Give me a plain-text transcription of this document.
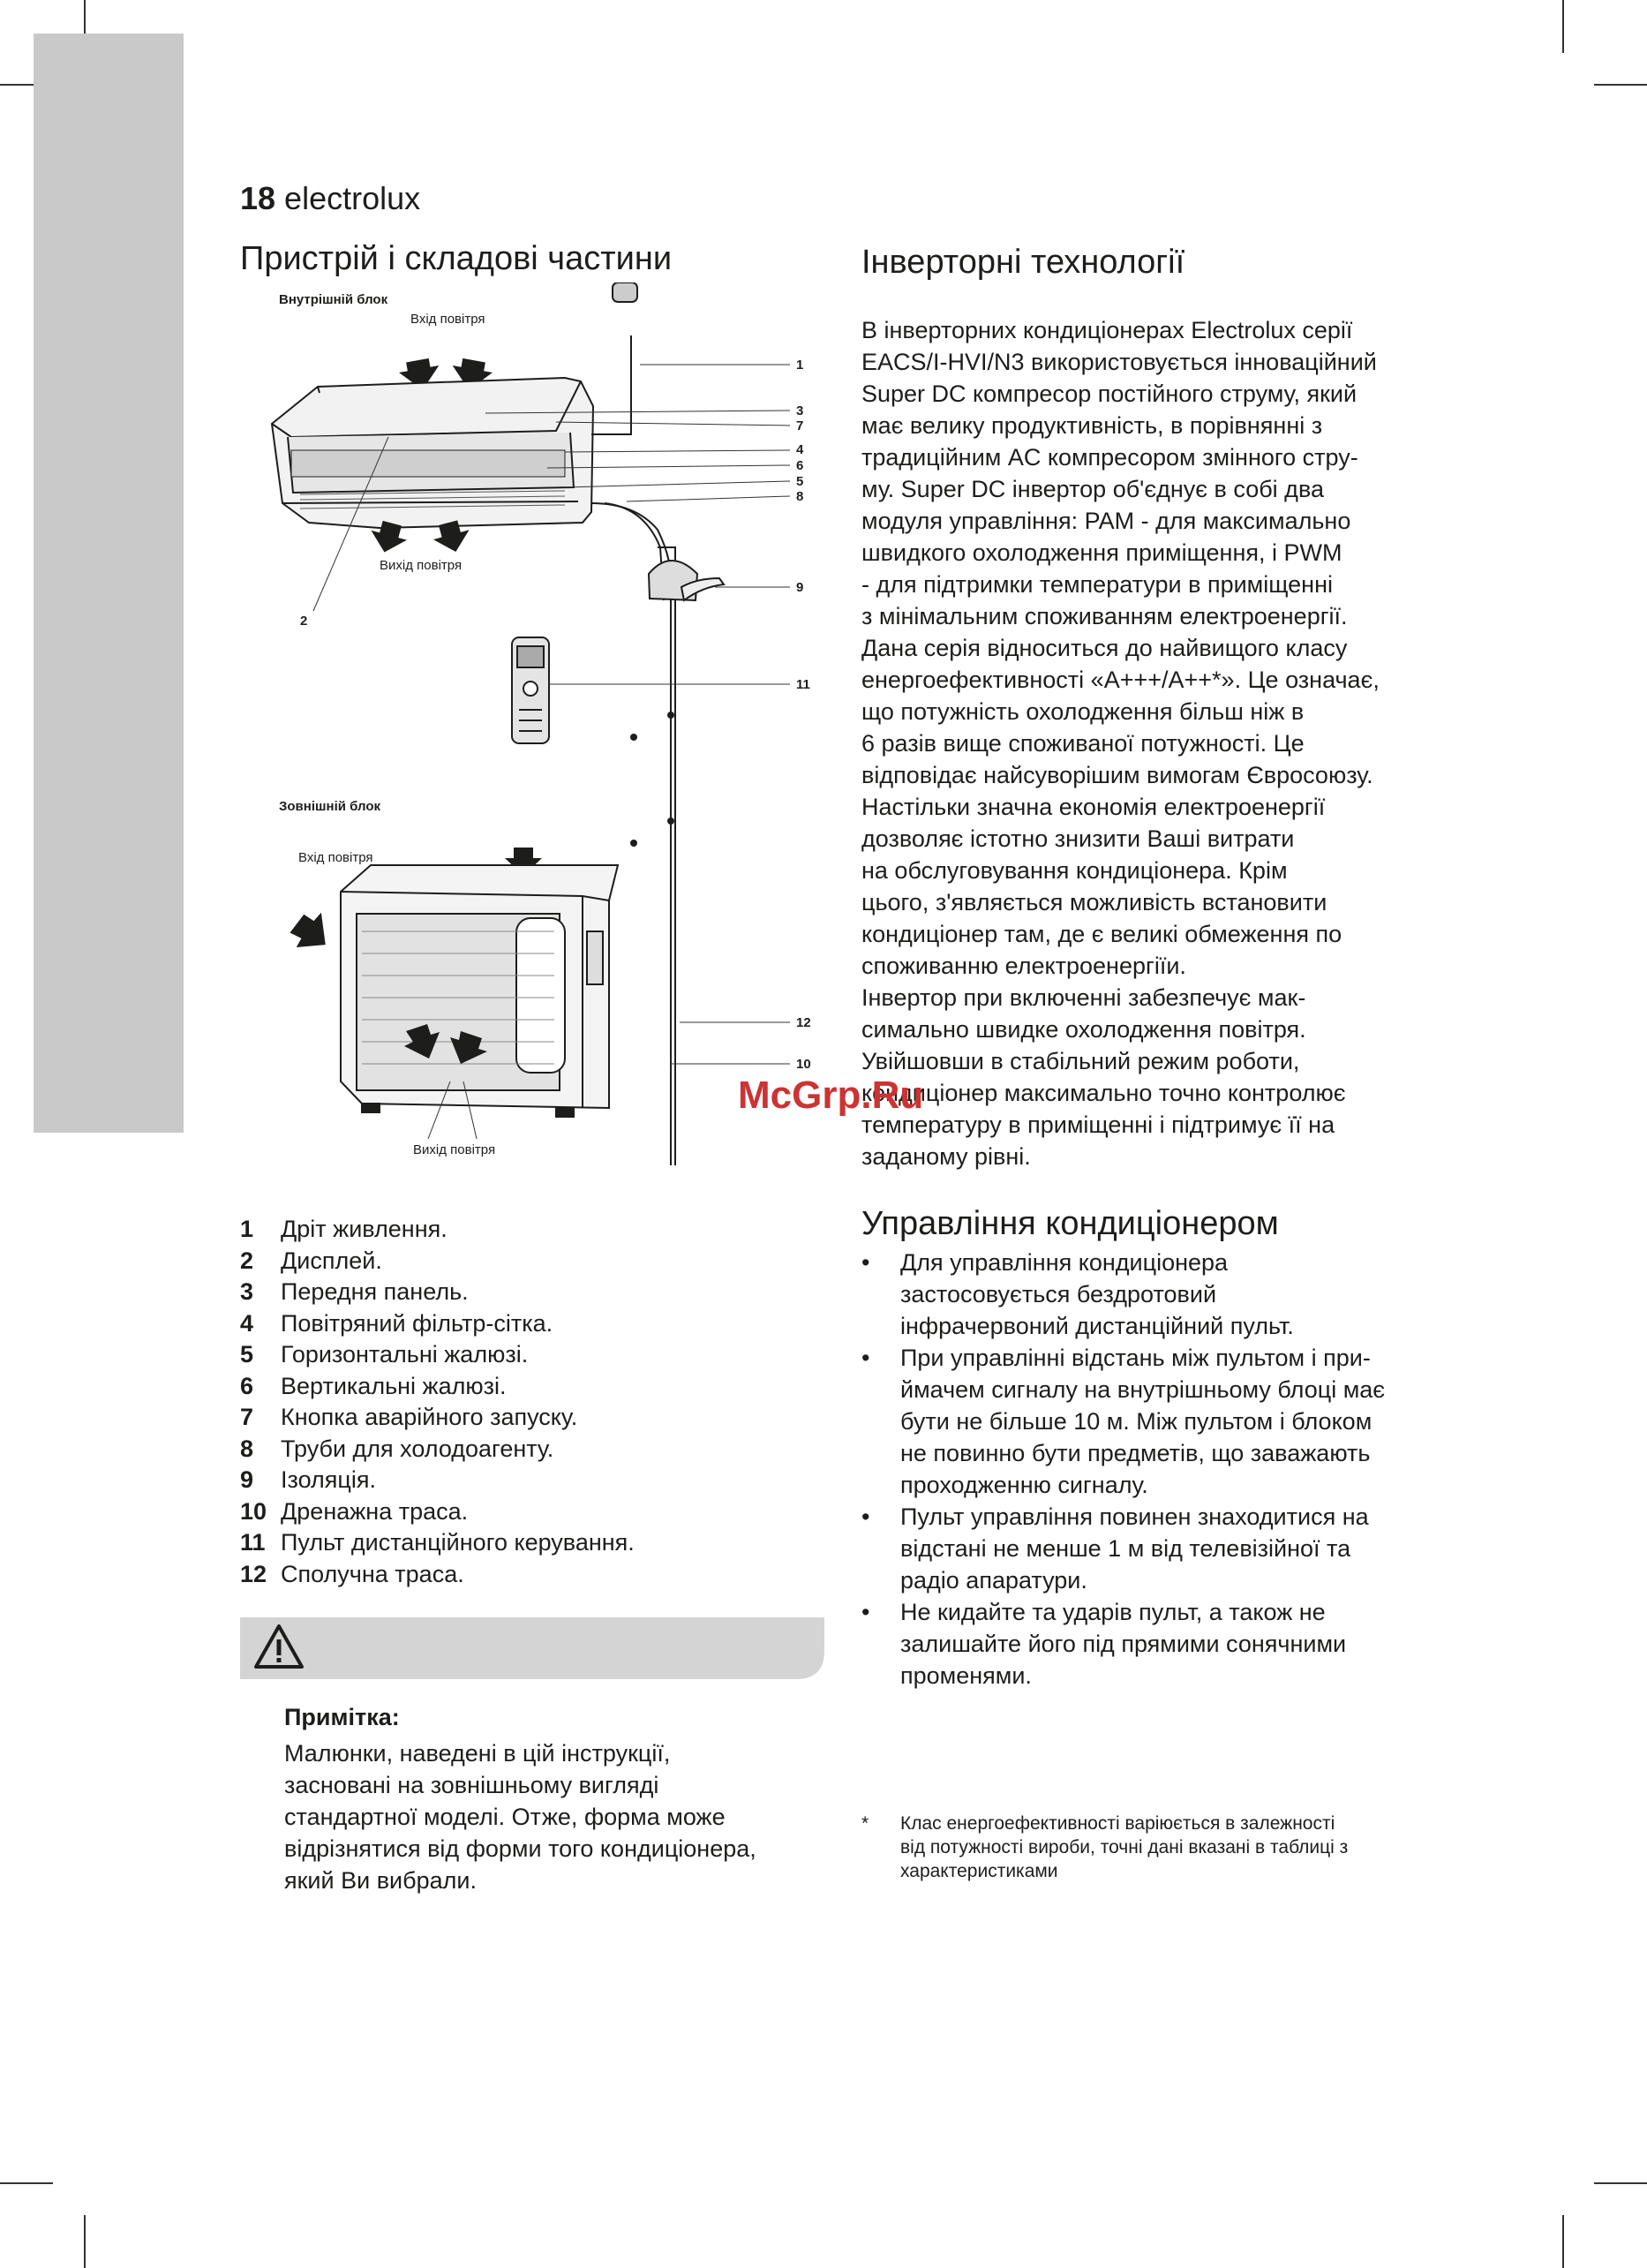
18 electrolux
Пристрій і складові частини	Інверторні технології
Внутрішній блок
Вхід повітря
Вихід повітря
Зовнішній блок
Вхід повітря
Вихід повітря
1
3
7
4
6
5
8
9
11
12
10
2
В інверторних кондиціонерах Electrolux серії
EACS/I-HVI/N3 використовується інноваційний
Super DC компресор постійного струму, який
має велику продуктивність, в порівнянні з
традиційним AC компресором змінного стру-
му. Super DC інвертор об'єднує в собі два
модуля управління: PAM - для максимально
швидкого охолодження приміщення, і PWM
- для підтримки температури в приміщенні
з мінімальним споживанням електроенергії.
Дана серія відноситься до найвищого класу
енергоефективності «A+++/A++*». Це означає,
що потужність охолодження більш ніж в
6 разів вище споживаної потужності. Це
відповідає найсуворішим вимогам Євросоюзу.
Настільки значна економія електроенергії
дозволяє істотно знизити Ваші витрати
на обслуговування кондиціонера. Крім
цього, з'являється можливість встановити
кондиціонер там, де є великі обмеження по
споживанню електроенергіїи.
Інвертор при включенні забезпечує мак-
симально швидке охолодження повітря.
Увійшовши в стабільний режим роботи,
кондиціонер максимально точно контролює
температуру в приміщенні і підтримує її на
заданому рівні.
McGrp.Ru
Управління кондиціонером
• Для управління кондиціонера
застосовується бездротовий
інфрачервоний дистанційний пульт.
• При управлінні відстань між пультом і при-
ймачем сигналу на внутрішньому блоці має
бути не більше 10 м. Між пультом і блоком
не повинно бути предметів, що заважають
проходженню сигналу.
• Пульт управління повинен знаходитися на
відстані не менше 1 м від телевізійної та
радіо апаратури.
• Не кидайте та ударів пульт, а також не
залишайте його під прямими сонячними
променями.
1	Дріт живлення.
2	Дисплей.
3	Передня панель.
4	Повітряний фільтр-сітка.
5	Горизонтальні жалюзі.
6	Вертикальні жалюзі.
7	Кнопка аварійного запуску.
8	Труби для холодоагенту.
9	Ізоляція.
10 Дренажна траса.
11 Пульт дистанційного керування.
12 Сполучна траса.
Примітка:
Малюнки, наведені в цій інструкції,
засновані на зовнішньому вигляді
стандартної моделі. Отже, форма може
відрізнятися від форми того кондиціонера,
який Ви вибрали.
*	Клас енергоефективності варіюється в залежності
від потужності вироби, точні дані вказані в таблиці з
характеристиками
